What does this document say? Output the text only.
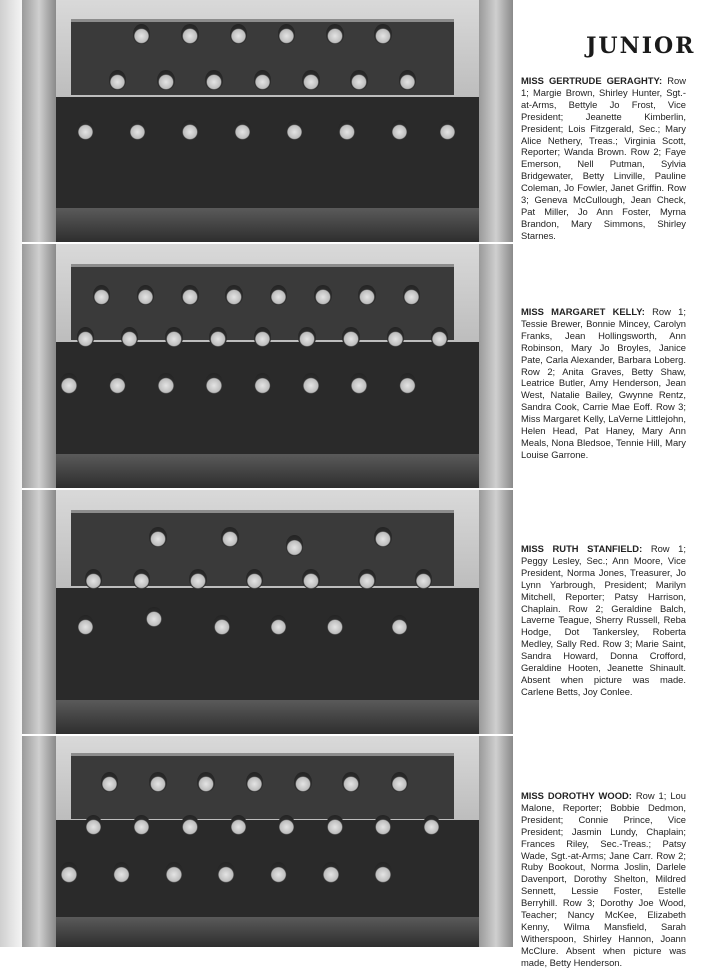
JUNIOR
MISS GERTRUDE GERAGHTY: Row 1; Margie Brown, Shirley Hunter, Sgt.-at-Arms, Bettyle Jo Frost, Vice President; Jeanette Kimberlin, President; Lois Fitzgerald, Sec.; Mary Alice Nethery, Treas.; Virginia Scott, Reporter; Wanda Brown. Row 2; Faye Emerson, Nell Putman, Sylvia Bridgewater, Betty Linville, Pauline Coleman, Jo Fowler, Janet Griffin. Row 3; Geneva McCullough, Jean Check, Pat Miller, Jo Ann Foster, Myrna Brandon, Mary Simmons, Shirley Starnes.
MISS MARGARET KELLY: Row 1; Tessie Brewer, Bonnie Mincey, Carolyn Franks, Jean Hollingsworth, Ann Robinson, Mary Jo Broyles, Janice Pate, Carla Alexander, Barbara Loberg. Row 2; Anita Graves, Betty Shaw, Leatrice Butler, Amy Henderson, Jean West, Natalie Bailey, Gwynne Rentz, Sandra Cook, Carrie Mae Eoff. Row 3; Miss Margaret Kelly, LaVerne Littlejohn, Helen Head, Pat Haney, Mary Ann Meals, Nona Bledsoe, Tennie Hill, Mary Louise Garrone.
MISS RUTH STANFIELD: Row 1; Peggy Lesley, Sec.; Ann Moore, Vice President, Norma Jones, Treasurer, Jo Lynn Yarbrough, President; Marilyn Mitchell, Reporter; Patsy Harrison, Chaplain. Row 2; Geraldine Balch, Laverne Teague, Sherry Russell, Reba Hodge, Dot Tankersley, Roberta Medley, Sally Red. Row 3; Marie Saint, Sandra Howard, Donna Crofford, Geraldine Hooten, Jeanette Shinault. Absent when picture was made. Carlene Betts, Joy Conlee.
MISS DOROTHY WOOD: Row 1; Lou Malone, Reporter; Bobbie Dedmon, President; Connie Prince, Vice President; Jasmin Lundy, Chaplain; Frances Riley, Sec.-Treas.; Patsy Wade, Sgt.-at-Arms; Jane Carr. Row 2; Ruby Bookout, Norma Joslin, Darlele Davenport, Dorothy Shelton, Mildred Sennett, Lessie Foster, Estelle Berryhill. Row 3; Dorothy Joe Wood, Teacher; Nancy McKee, Elizabeth Kenny, Wilma Mansfield, Sarah Witherspoon, Shirley Hannon, Joann McClure. Absent when picture was made, Betty Henderson.
